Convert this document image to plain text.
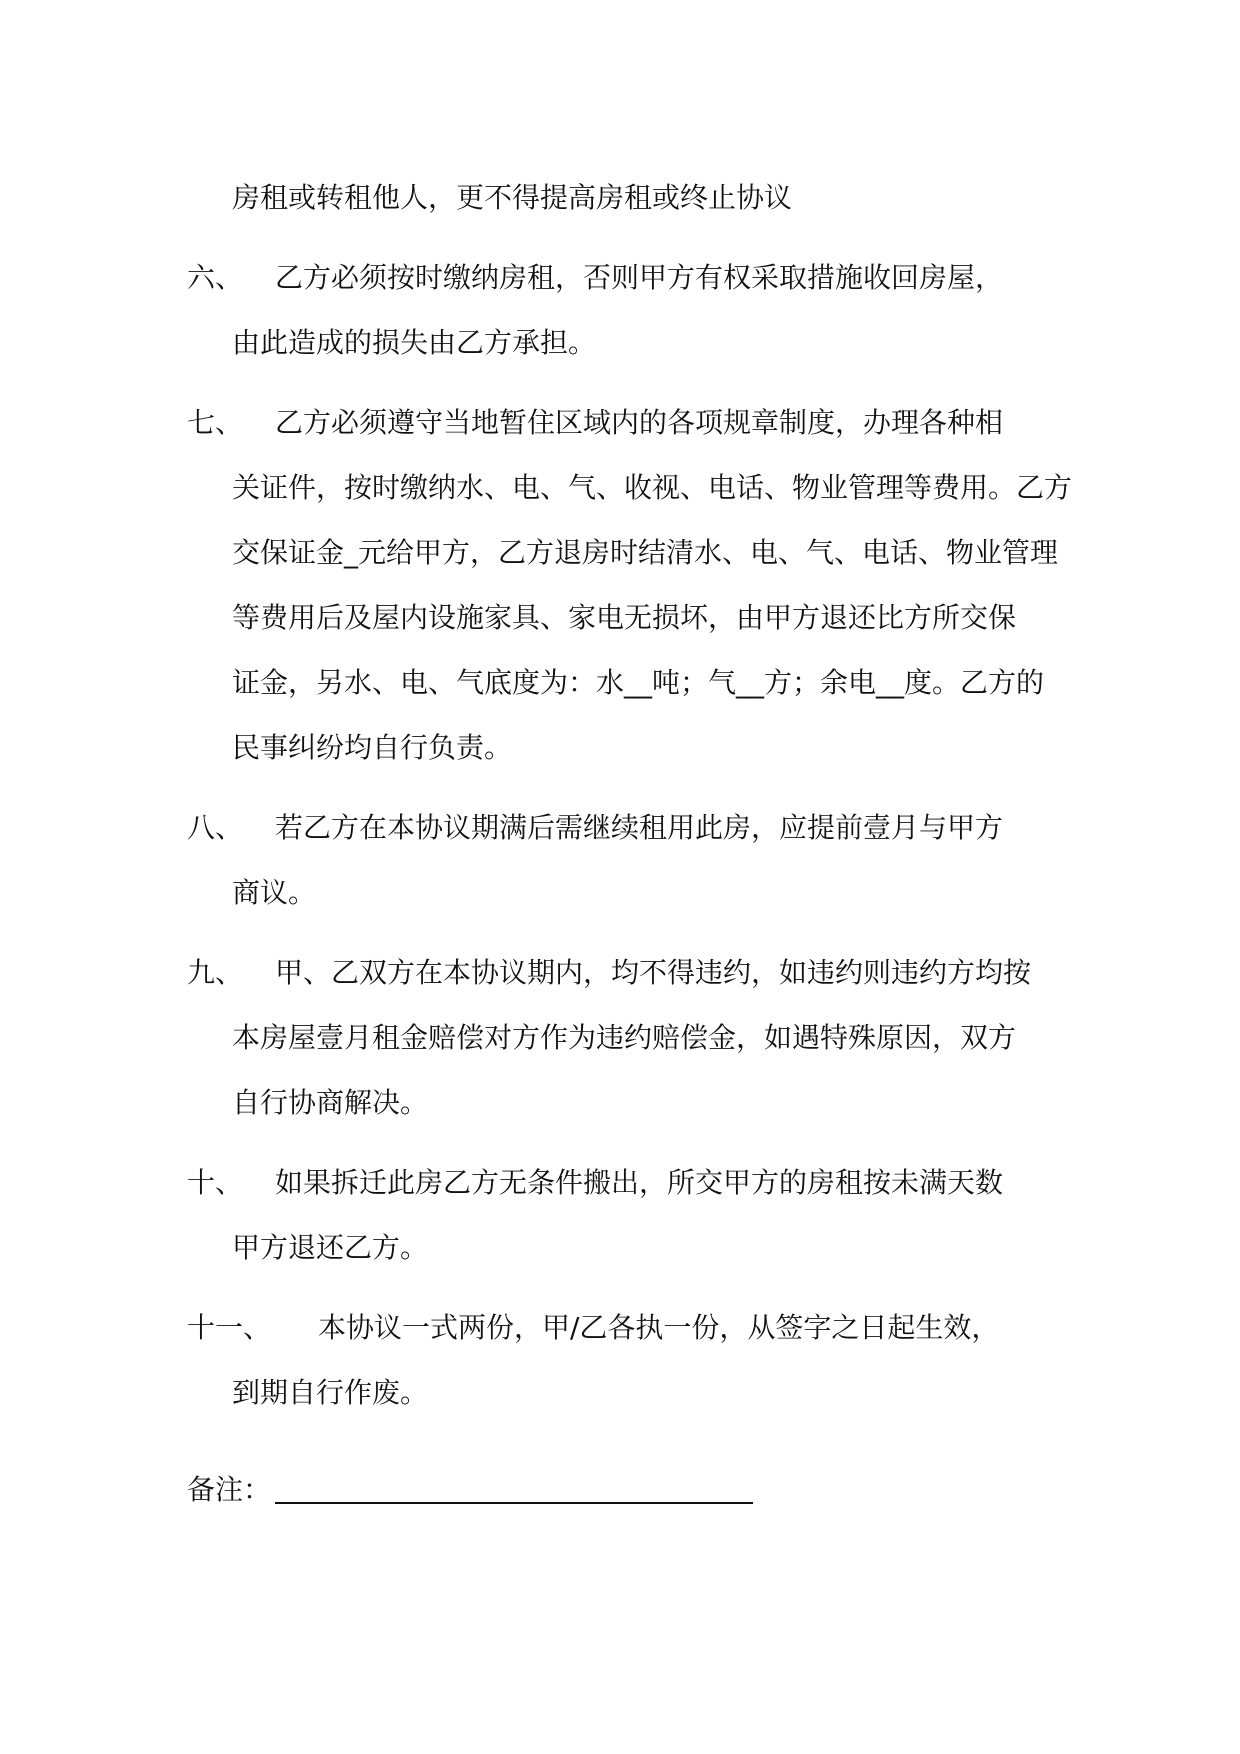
房租或转租他人，更不得提高房租或终止协议
六、 乙方必须按时缴纳房租，否则甲方有权采取措施收回房屋，
由此造成的损失由乙方承担。
七、 乙方必须遵守当地暂住区域内的各项规章制度，办理各种相
关证件，按时缴纳水、电、气、收视、电话、物业管理等费用。乙方
交保证金_元给甲方，乙方退房时结清水、电、气、电话、物业管理
等费用后及屋内设施家具、家电无损坏，由甲方退还比方所交保
证金，另水、电、气底度为：水__吨；气__方；余电__度。乙方的
民事纠纷均自行负责。
八、 若乙方在本协议期满后需继续租用此房，应提前壹月与甲方
商议。
九、 甲、乙双方在本协议期内，均不得违约，如违约则违约方均按
本房屋壹月租金赔偿对方作为违约赔偿金，如遇特殊原因，双方
自行协商解决。
十、 如果拆迁此房乙方无条件搬出，所交甲方的房租按未满天数
甲方退还乙方。
十一、 本协议一式两份，甲/乙各执一份，从签字之日起生效，
到期自行作废。
备注：
